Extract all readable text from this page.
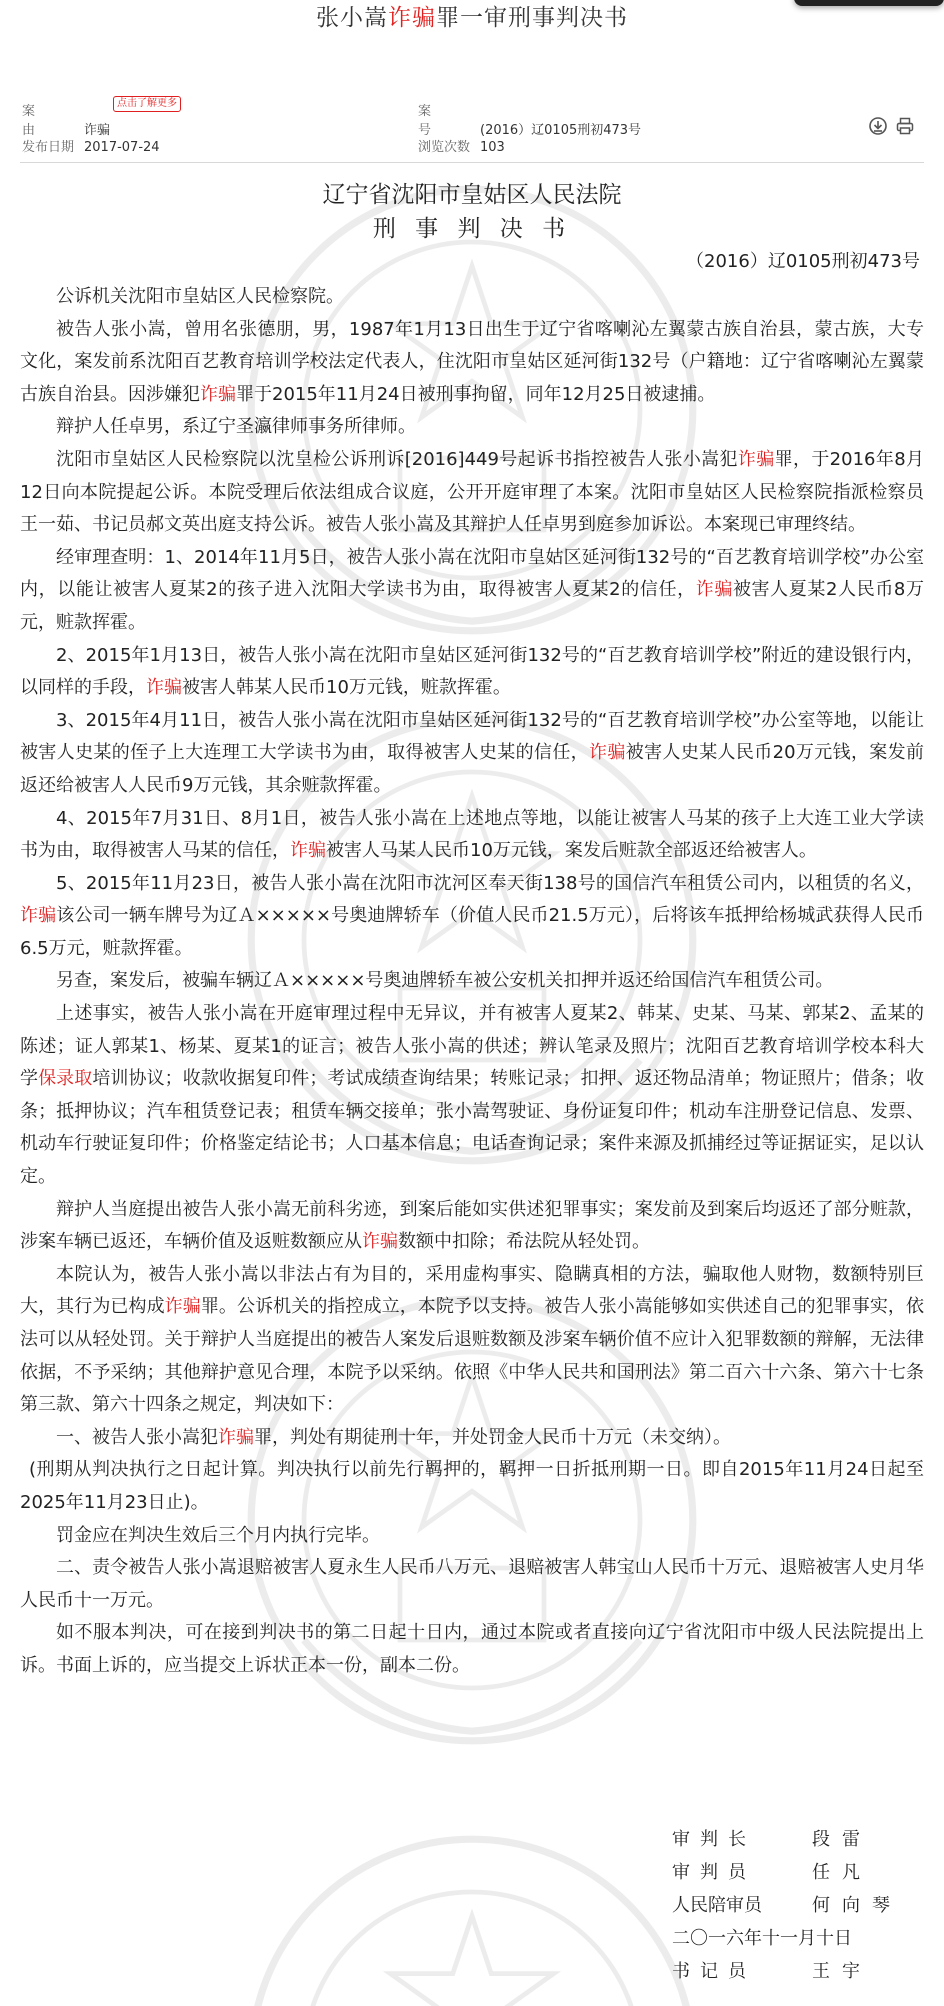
张小嵩诈骗罪一审刑事判决书
案由 诈骗
点击了解更多
案号 (2016）辽0105刑初473号
发布日期 2017-07-24	浏览次数 103
辽宁省沈阳市皇姑区人民法院
刑 事 判 决 书
（2016）辽0105刑初473号

公诉机关沈阳市皇姑区人民检察院。

被告人张小嵩，曾用名张德朋，男，1987年1月13日出生于辽宁省喀喇沁左翼蒙古族自治县，蒙古族，大专文化，案发前系沈阳百艺教育培训学校法定代表人，住沈阳市皇姑区延河街132号（户籍地：辽宁省喀喇沁左翼蒙古族自治县。因涉嫌犯诈骗罪于2015年11月24日被刑事拘留，同年12月25日被逮捕。

辩护人任卓男，系辽宁圣瀛律师事务所律师。

沈阳市皇姑区人民检察院以沈皇检公诉刑诉[2016]449号起诉书指控被告人张小嵩犯诈骗罪，于2016年8月12日向本院提起公诉。本院受理后依法组成合议庭，公开开庭审理了本案。沈阳市皇姑区人民检察院指派检察员王一茹、书记员郝文英出庭支持公诉。被告人张小嵩及其辩护人任卓男到庭参加诉讼。本案现已审理终结。

经审理查明：1、2014年11月5日，被告人张小嵩在沈阳市皇姑区延河街132号的“百艺教育培训学校”办公室内，以能让被害人夏某2的孩子进入沈阳大学读书为由，取得被害人夏某2的信任，诈骗被害人夏某2人民币8万元，赃款挥霍。

2、2015年1月13日，被告人张小嵩在沈阳市皇姑区延河街132号的“百艺教育培训学校”附近的建设银行内，以同样的手段，诈骗被害人韩某人民币10万元钱，赃款挥霍。

3、2015年4月11日，被告人张小嵩在沈阳市皇姑区延河街132号的“百艺教育培训学校”办公室等地，以能让被害人史某的侄子上大连理工大学读书为由，取得被害人史某的信任，诈骗被害人史某人民币20万元钱，案发前返还给被害人人民币9万元钱，其余赃款挥霍。

4、2015年7月31日、8月1日，被告人张小嵩在上述地点等地，以能让被害人马某的孩子上大连工业大学读书为由，取得被害人马某的信任，诈骗被害人马某人民币10万元钱，案发后赃款全部返还给被害人。

5、2015年11月23日，被告人张小嵩在沈阳市沈河区奉天街138号的国信汽车租赁公司内，以租赁的名义，诈骗该公司一辆车牌号为辽Ａ×××××号奥迪牌轿车（价值人民币21.5万元），后将该车抵押给杨城武获得人民币6.5万元，赃款挥霍。

另查，案发后，被骗车辆辽Ａ×××××号奥迪牌轿车被公安机关扣押并返还给国信汽车租赁公司。

上述事实，被告人张小嵩在开庭审理过程中无异议，并有被害人夏某2、韩某、史某、马某、郭某2、孟某的陈述；证人郭某1、杨某、夏某1的证言；被告人张小嵩的供述；辨认笔录及照片；沈阳百艺教育培训学校本科大学保录取培训协议；收款收据复印件；考试成绩查询结果；转账记录；扣押、返还物品清单；物证照片；借条；收条；抵押协议；汽车租赁登记表；租赁车辆交接单；张小嵩驾驶证、身份证复印件；机动车注册登记信息、发票、机动车行驶证复印件；价格鉴定结论书；人口基本信息；电话查询记录；案件来源及抓捕经过等证据证实，足以认定。

辩护人当庭提出被告人张小嵩无前科劣迹，到案后能如实供述犯罪事实；案发前及到案后均返还了部分赃款，涉案车辆已返还，车辆价值及返赃数额应从诈骗数额中扣除；希法院从轻处罚。

本院认为，被告人张小嵩以非法占有为目的，采用虚构事实、隐瞒真相的方法，骗取他人财物，数额特别巨大，其行为已构成诈骗罪。公诉机关的指控成立，本院予以支持。被告人张小嵩能够如实供述自己的犯罪事实，依法可以从轻处罚。关于辩护人当庭提出的被告人案发后退赃数额及涉案车辆价值不应计入犯罪数额的辩解，无法律依据，不予采纳；其他辩护意见合理，本院予以采纳。依照《中华人民共和国刑法》第二百六十六条、第六十七条第三款、第六十四条之规定，判决如下：

一、被告人张小嵩犯诈骗罪，判处有期徒刑十年，并处罚金人民币十万元（未交纳）。

(刑期从判决执行之日起计算。判决执行以前先行羁押的，羁押一日折抵刑期一日。即自2015年11月24日起至2025年11月23日止)。

罚金应在判决生效后三个月内执行完毕。

二、责令被告人张小嵩退赔被害人夏永生人民币八万元、退赔被害人韩宝山人民币十万元、退赔被害人史月华人民币十一万元。

如不服本判决，可在接到判决书的第二日起十日内，通过本院或者直接向辽宁省沈阳市中级人民法院提出上诉。书面上诉的，应当提交上诉状正本一份，副本二份。

审判长	段雷
审判员	任凡
人民陪审员	何向琴
二〇一六年十一月十日
书记员	王宇
